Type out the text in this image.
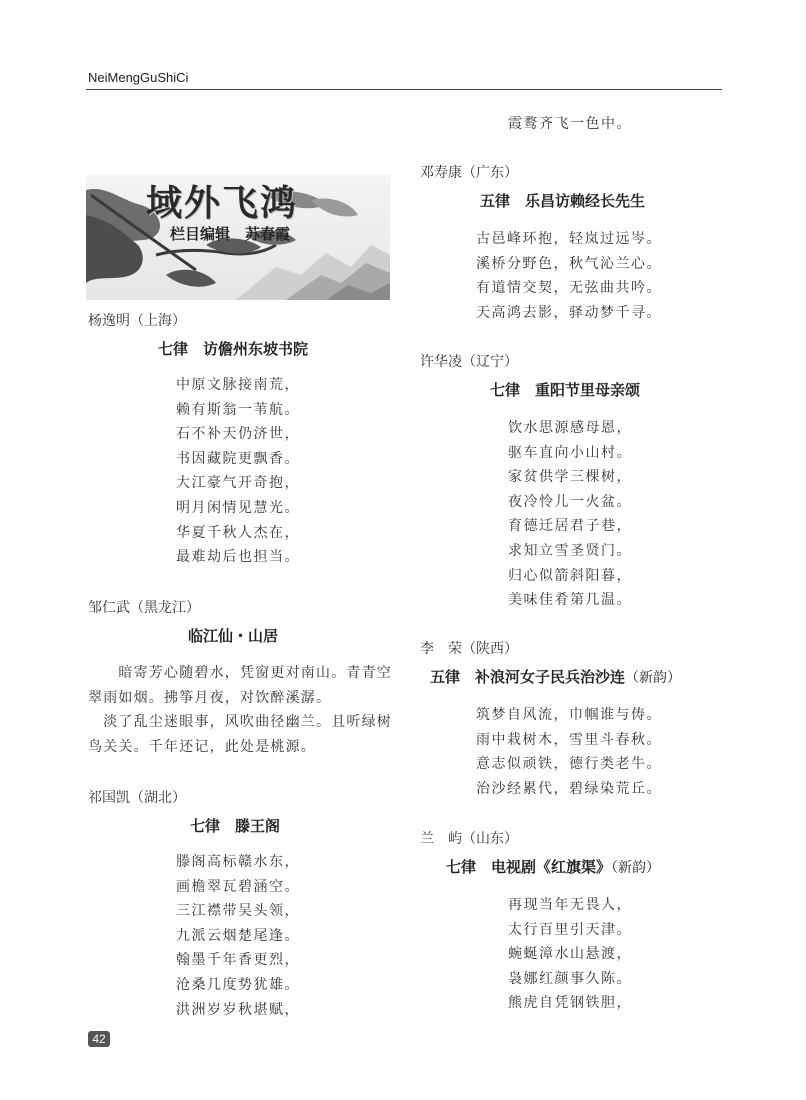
NeiMengGuShiCi
域外飞鸿
栏目编辑　苏春霞
杨逸明（上海）
七律　访儋州东坡书院
中原文脉接南荒，
赖有斯翁一苇航。
石不补天仍济世，
书因藏院更飘香。
大江豪气开奇抱，
明月闲情见慧光。
华夏千秋人杰在，
最难劫后也担当。
邹仁武（黑龙江）
临江仙・山居

　　暗寄芳心随碧水，凭窗更对南山。青青空翠雨如烟。拂筝月夜，对饮醉溪潺。

　淡了乱尘迷眼事，风吹曲径幽兰。且听绿树鸟关关。千年还记，此处是桃源。

祁国凯（湖北）
七律　滕王阁
滕阁高标赣水东，
画檐翠瓦碧涵空。
三江襟带吴头领，
九派云烟楚尾逢。
翰墨千年香更烈，
沧桑几度势犹雄。
洪洲岁岁秋堪赋，
霞鹜齐飞一色中。
邓寿康（广东）
五律　乐昌访赖经长先生
古邑峰环抱，轻岚过远岑。
溪桥分野色，秋气沁兰心。
有道情交契，无弦曲共吟。
天高鸿去影，驿动梦千寻。
许华凌（辽宁）
七律　重阳节里母亲颂
饮水思源感母恩，
驱车直向小山村。
家贫供学三棵树，
夜冷怜儿一火盆。
育德迁居君子巷，
求知立雪圣贤门。
归心似箭斜阳暮，
美味佳肴第几温。
李　荣（陕西）
五律　补浪河女子民兵治沙连（新韵）
筑梦自风流，巾帼谁与俦。
雨中栽树木，雪里斗春秋。
意志似顽铁，德行类老牛。
治沙经累代，碧绿染荒丘。
兰　屿（山东）
七律　电视剧《红旗渠》（新韵）
再现当年无畏人，
太行百里引天津。
蜿蜒漳水山悬渡，
袅娜红颜事久陈。
熊虎自凭钢铁胆，
42
